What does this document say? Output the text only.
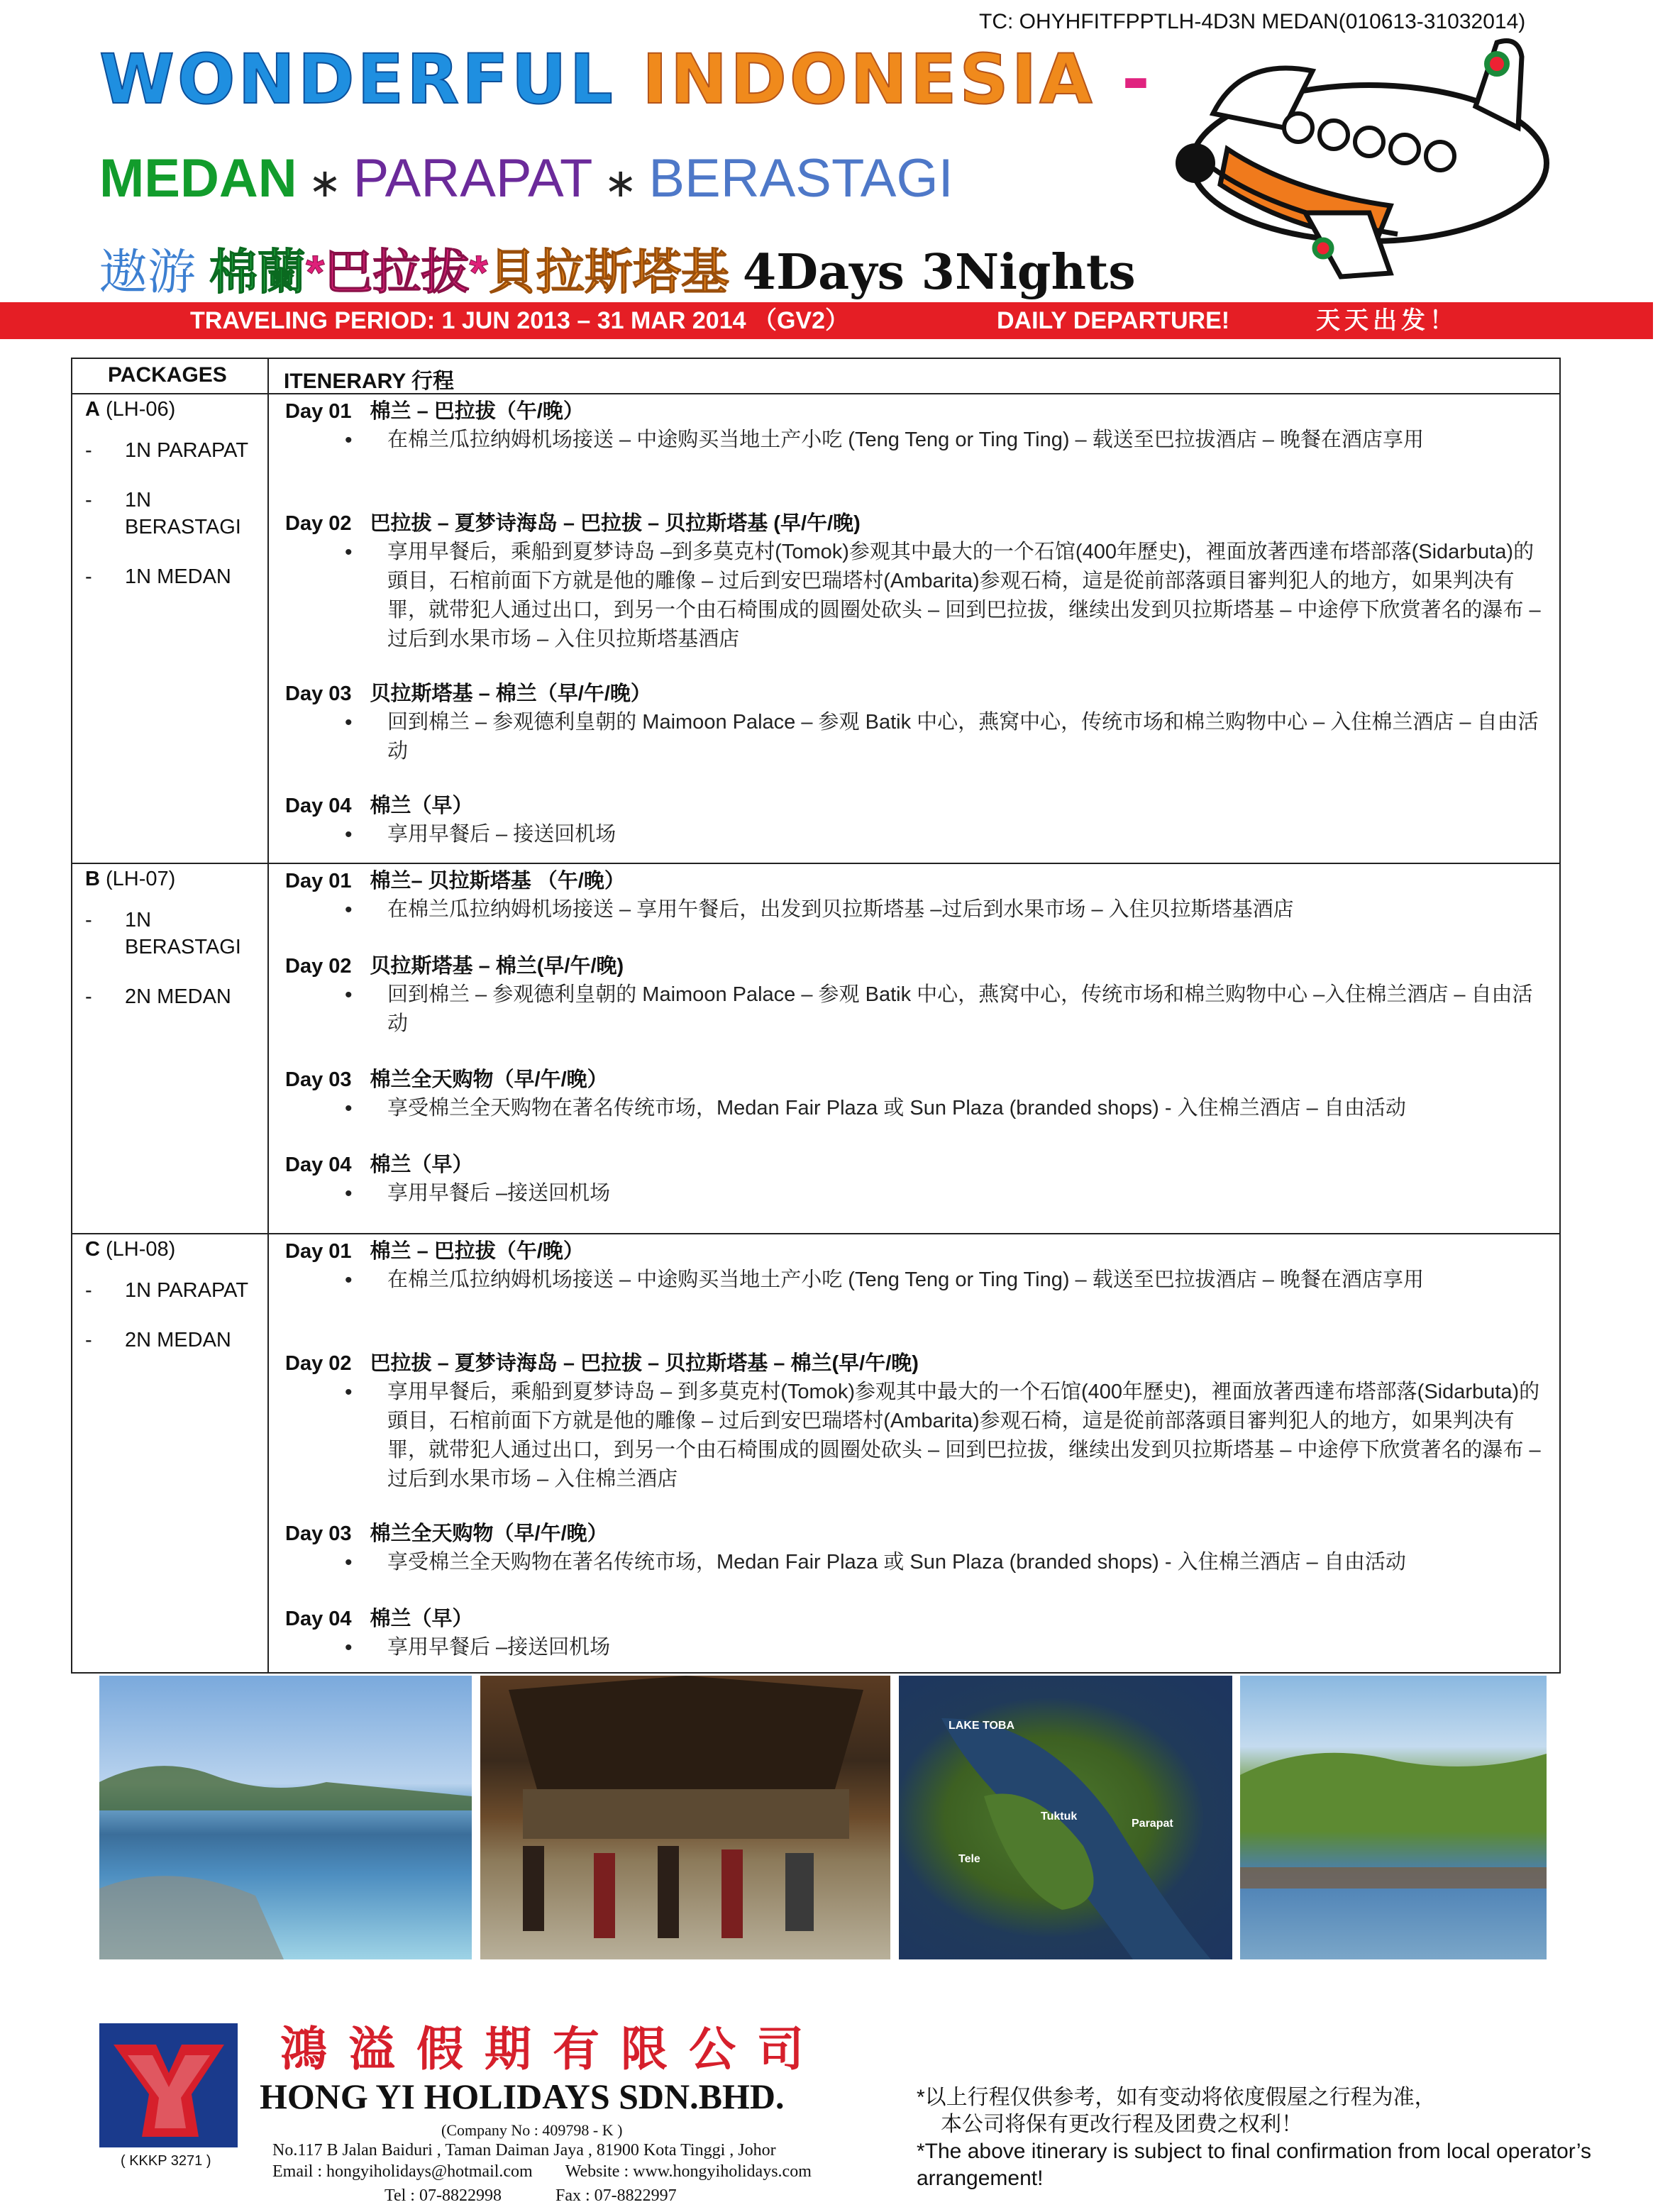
TC: OHYHFITFPPTLH-4D3N MEDAN(010613-31032014)
WONDERFUL INDONESIA -
MEDAN ∗ PARAPAT ∗ BERASTAGI
遨游 棉蘭*巴拉拔*貝拉斯塔基 4Days 3Nights
TRAVELING PERIOD: 1 JUN 2013 – 31 MAR 2014 （GV2）	DAILY DEPARTURE!	天天出发！
PACKAGES	ITENERARY 行程
A (LH-06)
- 1N PARAPAT
- 1N BERASTAGI
- 1N MEDAN
Day 01 棉兰 – 巴拉拔（午/晚）
• 在棉兰瓜拉纳姆机场接送 – 中途购买当地土产小吃 (Teng Teng or Ting Ting) – 载送至巴拉拔酒店 – 晚餐在酒店享用
Day 02 巴拉拔 – 夏梦诗海岛 – 巴拉拔 – 贝拉斯塔基 (早/午/晚)
• 享用早餐后，乘船到夏梦诗岛 –到多莫克村(Tomok)参观其中最大的一个石馆(400年歷史)，裡面放著西達布塔部落(Sidarbuta)的頭目，石棺前面下方就是他的雕像 – 过后到安巴瑞塔村(Ambarita)参观石椅，這是從前部落頭目審判犯人的地方，如果判决有罪，就带犯人通过出口，到另一个由石椅围成的圆圈处砍头 – 回到巴拉拔，继续出发到贝拉斯塔基 – 中途停下欣赏著名的瀑布 –过后到水果市场 – 入住贝拉斯塔基酒店
Day 03 贝拉斯塔基 – 棉兰（早/午/晚）
• 回到棉兰 – 参观德利皇朝的 Maimoon Palace – 参观 Batik 中心，燕窝中心，传统市场和棉兰购物中心 – 入住棉兰酒店 – 自由活动
Day 04 棉兰（早）
• 享用早餐后 – 接送回机场
B (LH-07)
- 1N BERASTAGI
- 2N MEDAN
Day 01 棉兰– 贝拉斯塔基 （午/晚）
• 在棉兰瓜拉纳姆机场接送 – 享用午餐后，出发到贝拉斯塔基 –过后到水果市场 – 入住贝拉斯塔基酒店
Day 02 贝拉斯塔基 – 棉兰(早/午/晚)
• 回到棉兰 – 参观德利皇朝的 Maimoon Palace – 参观 Batik 中心，燕窝中心，传统市场和棉兰购物中心 –入住棉兰酒店 – 自由活动
Day 03 棉兰全天购物（早/午/晚）
• 享受棉兰全天购物在著名传统市场，Medan Fair Plaza 或 Sun Plaza (branded shops) - 入住棉兰酒店 – 自由活动
Day 04 棉兰（早）
• 享用早餐后 –接送回机场
C (LH-08)
- 1N PARAPAT
- 2N MEDAN
Day 01 棉兰 – 巴拉拔（午/晚）
• 在棉兰瓜拉纳姆机场接送 – 中途购买当地土产小吃 (Teng Teng or Ting Ting) – 载送至巴拉拔酒店 – 晚餐在酒店享用
Day 02 巴拉拔 – 夏梦诗海岛 – 巴拉拔 – 贝拉斯塔基 – 棉兰(早/午/晚)
• 享用早餐后，乘船到夏梦诗岛 – 到多莫克村(Tomok)参观其中最大的一个石馆(400年歷史)，裡面放著西達布塔部落(Sidarbuta)的頭目，石棺前面下方就是他的雕像 – 过后到安巴瑞塔村(Ambarita)参观石椅，這是從前部落頭目審判犯人的地方，如果判决有罪，就带犯人通过出口，到另一个由石椅围成的圆圈处砍头 – 回到巴拉拔，继续出发到贝拉斯塔基 – 中途停下欣赏著名的瀑布 –过后到水果市场 – 入住棉兰酒店
Day 03 棉兰全天购物（早/午/晚）
• 享受棉兰全天购物在著名传统市场，Medan Fair Plaza 或 Sun Plaza (branded shops) - 入住棉兰酒店 – 自由活动
Day 04 棉兰（早）
• 享用早餐后 –接送回机场
LAKE TOBA
Tuktuk
Parapat
Tele
( KKKP 3271 )
鴻溢假期有限公司
HONG YI HOLIDAYS SDN.BHD.
(Company No : 409798 - K )
No.117 B Jalan Baiduri , Taman Daiman Jaya , 81900 Kota Tinggi , Johor
Email : hongyiholidays@hotmail.com Website : www.hongyiholidays.com
Tel : 07-8822998	Fax : 07-8822997
*以上行程仅供参考，如有变动将依度假屋之行程为准，
本公司将保有更改行程及团费之权利！
*The above itinerary is subject to final confirmation from local operator’s arrangement!
